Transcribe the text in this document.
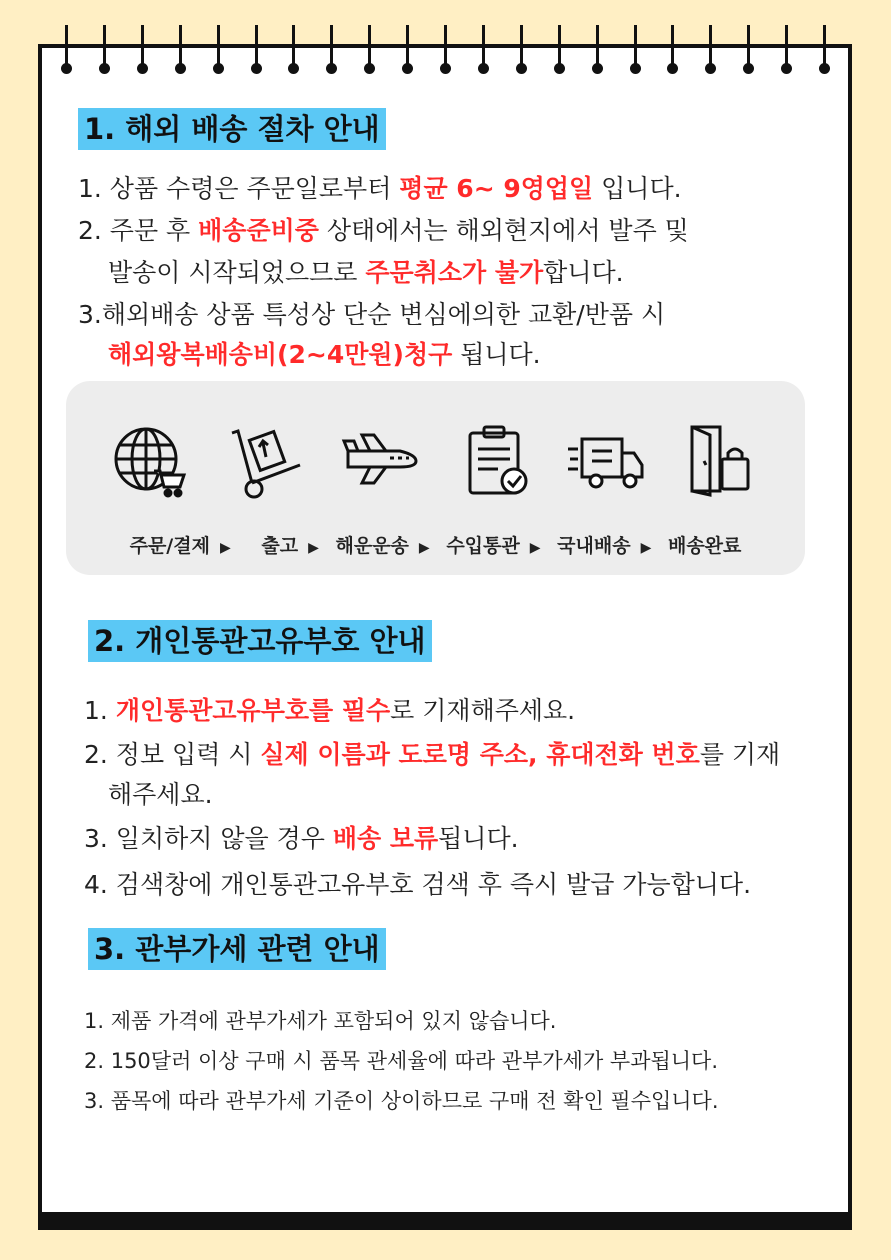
1. 해외 배송 절차 안내
1. 상품 수령은 주문일로부터 평균 6~ 9영업일 입니다.
2. 주문 후 배송준비중 상태에서는 해외현지에서 발주 및
발송이 시작되었으므로 주문취소가 불가합니다.
3.해외배송 상품 특성상 단순 변심에의한 교환/반품 시
해외왕복배송비(2~4만원)청구 됩니다.
주문/결제 ▶ 출고 ▶ 해운운송 ▶ 수입통관 ▶ 국내배송 ▶ 배송완료
2. 개인통관고유부호 안내
1. 개인통관고유부호를 필수로 기재해주세요.
2. 정보 입력 시 실제 이름과 도로명 주소, 휴대전화 번호를 기재
해주세요.
3. 일치하지 않을 경우 배송 보류됩니다.
4. 검색창에 개인통관고유부호 검색 후 즉시 발급 가능합니다.
3. 관부가세 관련 안내
1. 제품 가격에 관부가세가 포함되어 있지 않습니다.
2. 150달러 이상 구매 시 품목 관세율에 따라 관부가세가 부과됩니다.
3. 품목에 따라 관부가세 기준이 상이하므로 구매 전 확인 필수입니다.
